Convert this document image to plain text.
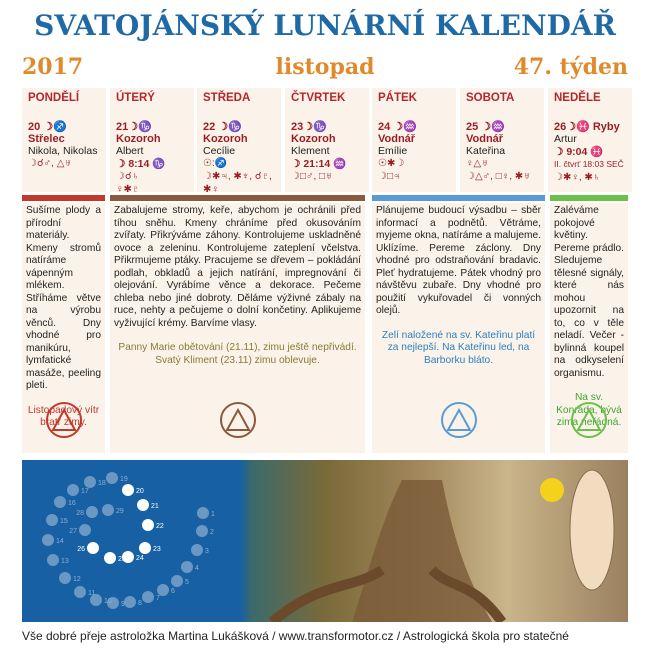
SVATOJÁNSKÝ LUNÁRNÍ KALENDÁŘ
2017	listopad	47. týden
PONDĚLÍ
20 ☽♐ Střelec
Nikola, Nikolas
☽☌♂, △♅
ÚTERÝ
21☽♑ Kozoroh
Albert
☽ 8:14 ♑
☽☌♄
♀✱♇
STŘEDA
22 ☽♑ Kozoroh
Cecílie
☉:♐
☽✱♃, ✱♆, ☌♇,
✱♀
ČTVRTEK
23☽♑ Kozoroh
Klement
☽ 21:14 ♒
☽□♂, □♅
PÁTEK
24 ☽♒ Vodnář
Emílie
☉✱☽
☽□♃
SOBOTA
25 ☽♒ Vodnář
Kateřina
♀△♅
☽△♂, □♀, ✱♅
NEDĚLE
26☽♓ Ryby
Artur
☽ 9:04 ♓
II. čtvrť 18:03 SEČ
☽✱♀, ✱♄
Sušíme plody a přírodní materiály. Kmeny stromů natíráme vápenným mlékem. Stříháme větve na výrobu věnců. Dny vhodné pro manikúru, lymfatické masáže, peeling pleti.
Listopadový vítr bratr zimy.
Zabalujeme stromy, keře, abychom je ochránili před tíhou sněhu. Kmeny chráníme před okusováním zvířaty. Přikrýváme záhony. Kontrolujeme uskladněné ovoce a zeleninu. Kontrolujeme zateplení včelstva. Přikrmujeme ptáky. Pracujeme se dřevem – pokládání podlah, obkladů a jejich natírání, impregnování či olejování. Vyrábíme věnce a dekorace. Pečeme chleba nebo jiné dobroty. Děláme výživné zábaly na ruce, nehty a pečujeme o dolní končetiny. Aplikujeme vyživující krémy. Barvíme vlasy.
Panny Marie obětování (21.11), zimu ještě nepřivádí. Svatý Kliment (23.11) zimu oblevuje.
Plánujeme budoucí výsadbu – sběr informací a podnětů. Větráme, myjeme okna, natíráme a malujeme. Uklízíme. Pereme záclony. Dny vhodné pro odstraňování bradavic. Pleť hydratujeme. Pátek vhodný pro návštěvu zubaře. Dny vhodné pro použití vykuřovadel či vonných olejů.
Zelí naložené na sv. Kateřinu platí za nejlepší. Na Kateřinu led, na Barborku bláto.
Zaléváme pokojové květiny. Pereme prádlo. Sledujeme tělesné signály, které nás mohou upozornit na to, co v těle neladí. Večer - bylinná koupel na odkyselení organismu.
Na sv. Konráda, bývá zima neřádná.
1
2
3
4
5
6
7
8
9
10
11
12
13
14
15
16
17
18
19
20
21
22
23
24
25
26
27
28	29
Vše dobré přeje astroložka Martina Lukášková / www.transformotor.cz / Astrologická škola pro statečné
